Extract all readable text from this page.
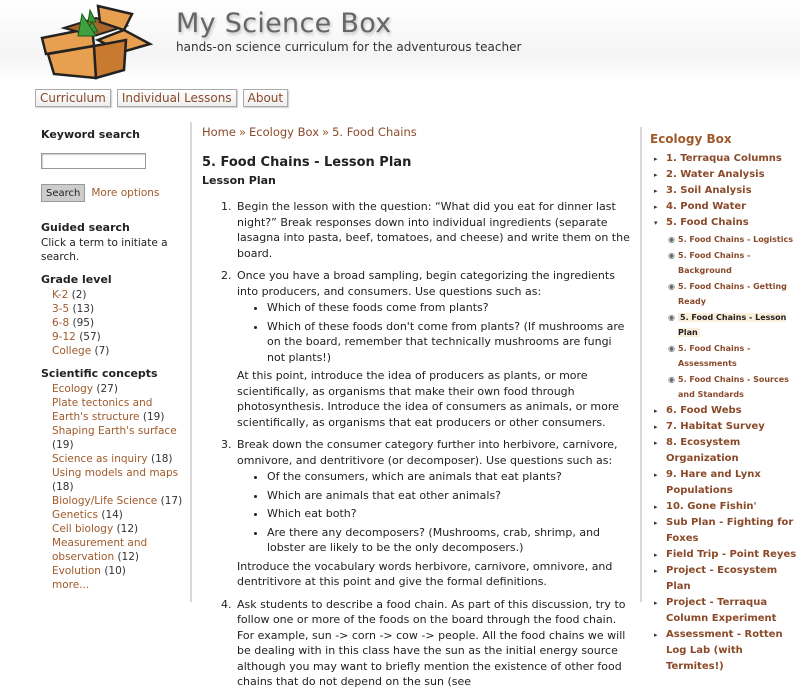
My Science Box
hands-on science curriculum for the adventurous teacher
Curriculum	Individual Lessons	About
Keyword search
Search	More options
Guided search

Click a term to initiate a search.

Grade level
K-2 (2)
3-5 (13)
6-8 (95)
9-12 (57)
College (7)
Scientific concepts
Ecology (27)
Plate tectonics and Earth's structure (19)
Shaping Earth's surface (19)
Science as inquiry (18)
Using models and maps (18)
Biology/Life Science (17)
Genetics (14)
Cell biology (12)
Measurement and observation (12)
Evolution (10)
more...
Home » Ecology Box » 5. Food Chains
5. Food Chains - Lesson Plan
Lesson Plan
1. Begin the lesson with the question: “What did you eat for dinner last night?” Break responses down into individual ingredients (separate lasagna into pasta, beef, tomatoes, and cheese) and write them on the board.
2. Once you have a broad sampling, begin categorizing the ingredients into producers, and consumers. Use questions such as:
• Which of these foods come from plants?
• Which of these foods don't come from plants? (If mushrooms are on the board, remember that technically mushrooms are fungi not plants!)

At this point, introduce the idea of producers as plants, or more scientifically, as organisms that make their own food through photosynthesis. Introduce the idea of consumers as animals, or more scientifically, as organisms that eat producers or other consumers.

3. Break down the consumer category further into herbivore, carnivore, omnivore, and dentritivore (or decomposer). Use questions such as:
• Of the consumers, which are animals that eat plants?
• Which are animals that eat other animals?
• Which eat both?
• Are there any decomposers? (Mushrooms, crab, shrimp, and lobster are likely to be the only decomposers.)

Introduce the vocabulary words herbivore, carnivore, omnivore, and dentritivore at this point and give the formal definitions.

4. Ask students to describe a food chain. As part of this discussion, try to follow one or more of the foods on the board through the food chain. For example, sun -> corn -> cow -> people. All the food chains we will be dealing with in this class have the sun as the initial energy source although you may want to briefly mention the existence of other food chains that do not depend on the sun (see
Ecology Box
▸ 1. Terraqua Columns
▸ 2. Water Analysis
▸ 3. Soil Analysis
▸ 4. Pond Water
▾ 5. Food Chains
◉ 5. Food Chains - Logistics
◉ 5. Food Chains - Background
◉ 5. Food Chains - Getting Ready
◉ 5. Food Chains - Lesson Plan
◉ 5. Food Chains - Assessments
◉ 5. Food Chains - Sources and Standards
▸ 6. Food Webs
▸ 7. Habitat Survey
▸ 8. Ecosystem Organization
▸ 9. Hare and Lynx Populations
▸ 10. Gone Fishin'
▸ Sub Plan - Fighting for Foxes
▸ Field Trip - Point Reyes
▸ Project - Ecosystem Plan
▸ Project - Terraqua Column Experiment
▸ Assessment - Rotten Log Lab (with Termites!)
